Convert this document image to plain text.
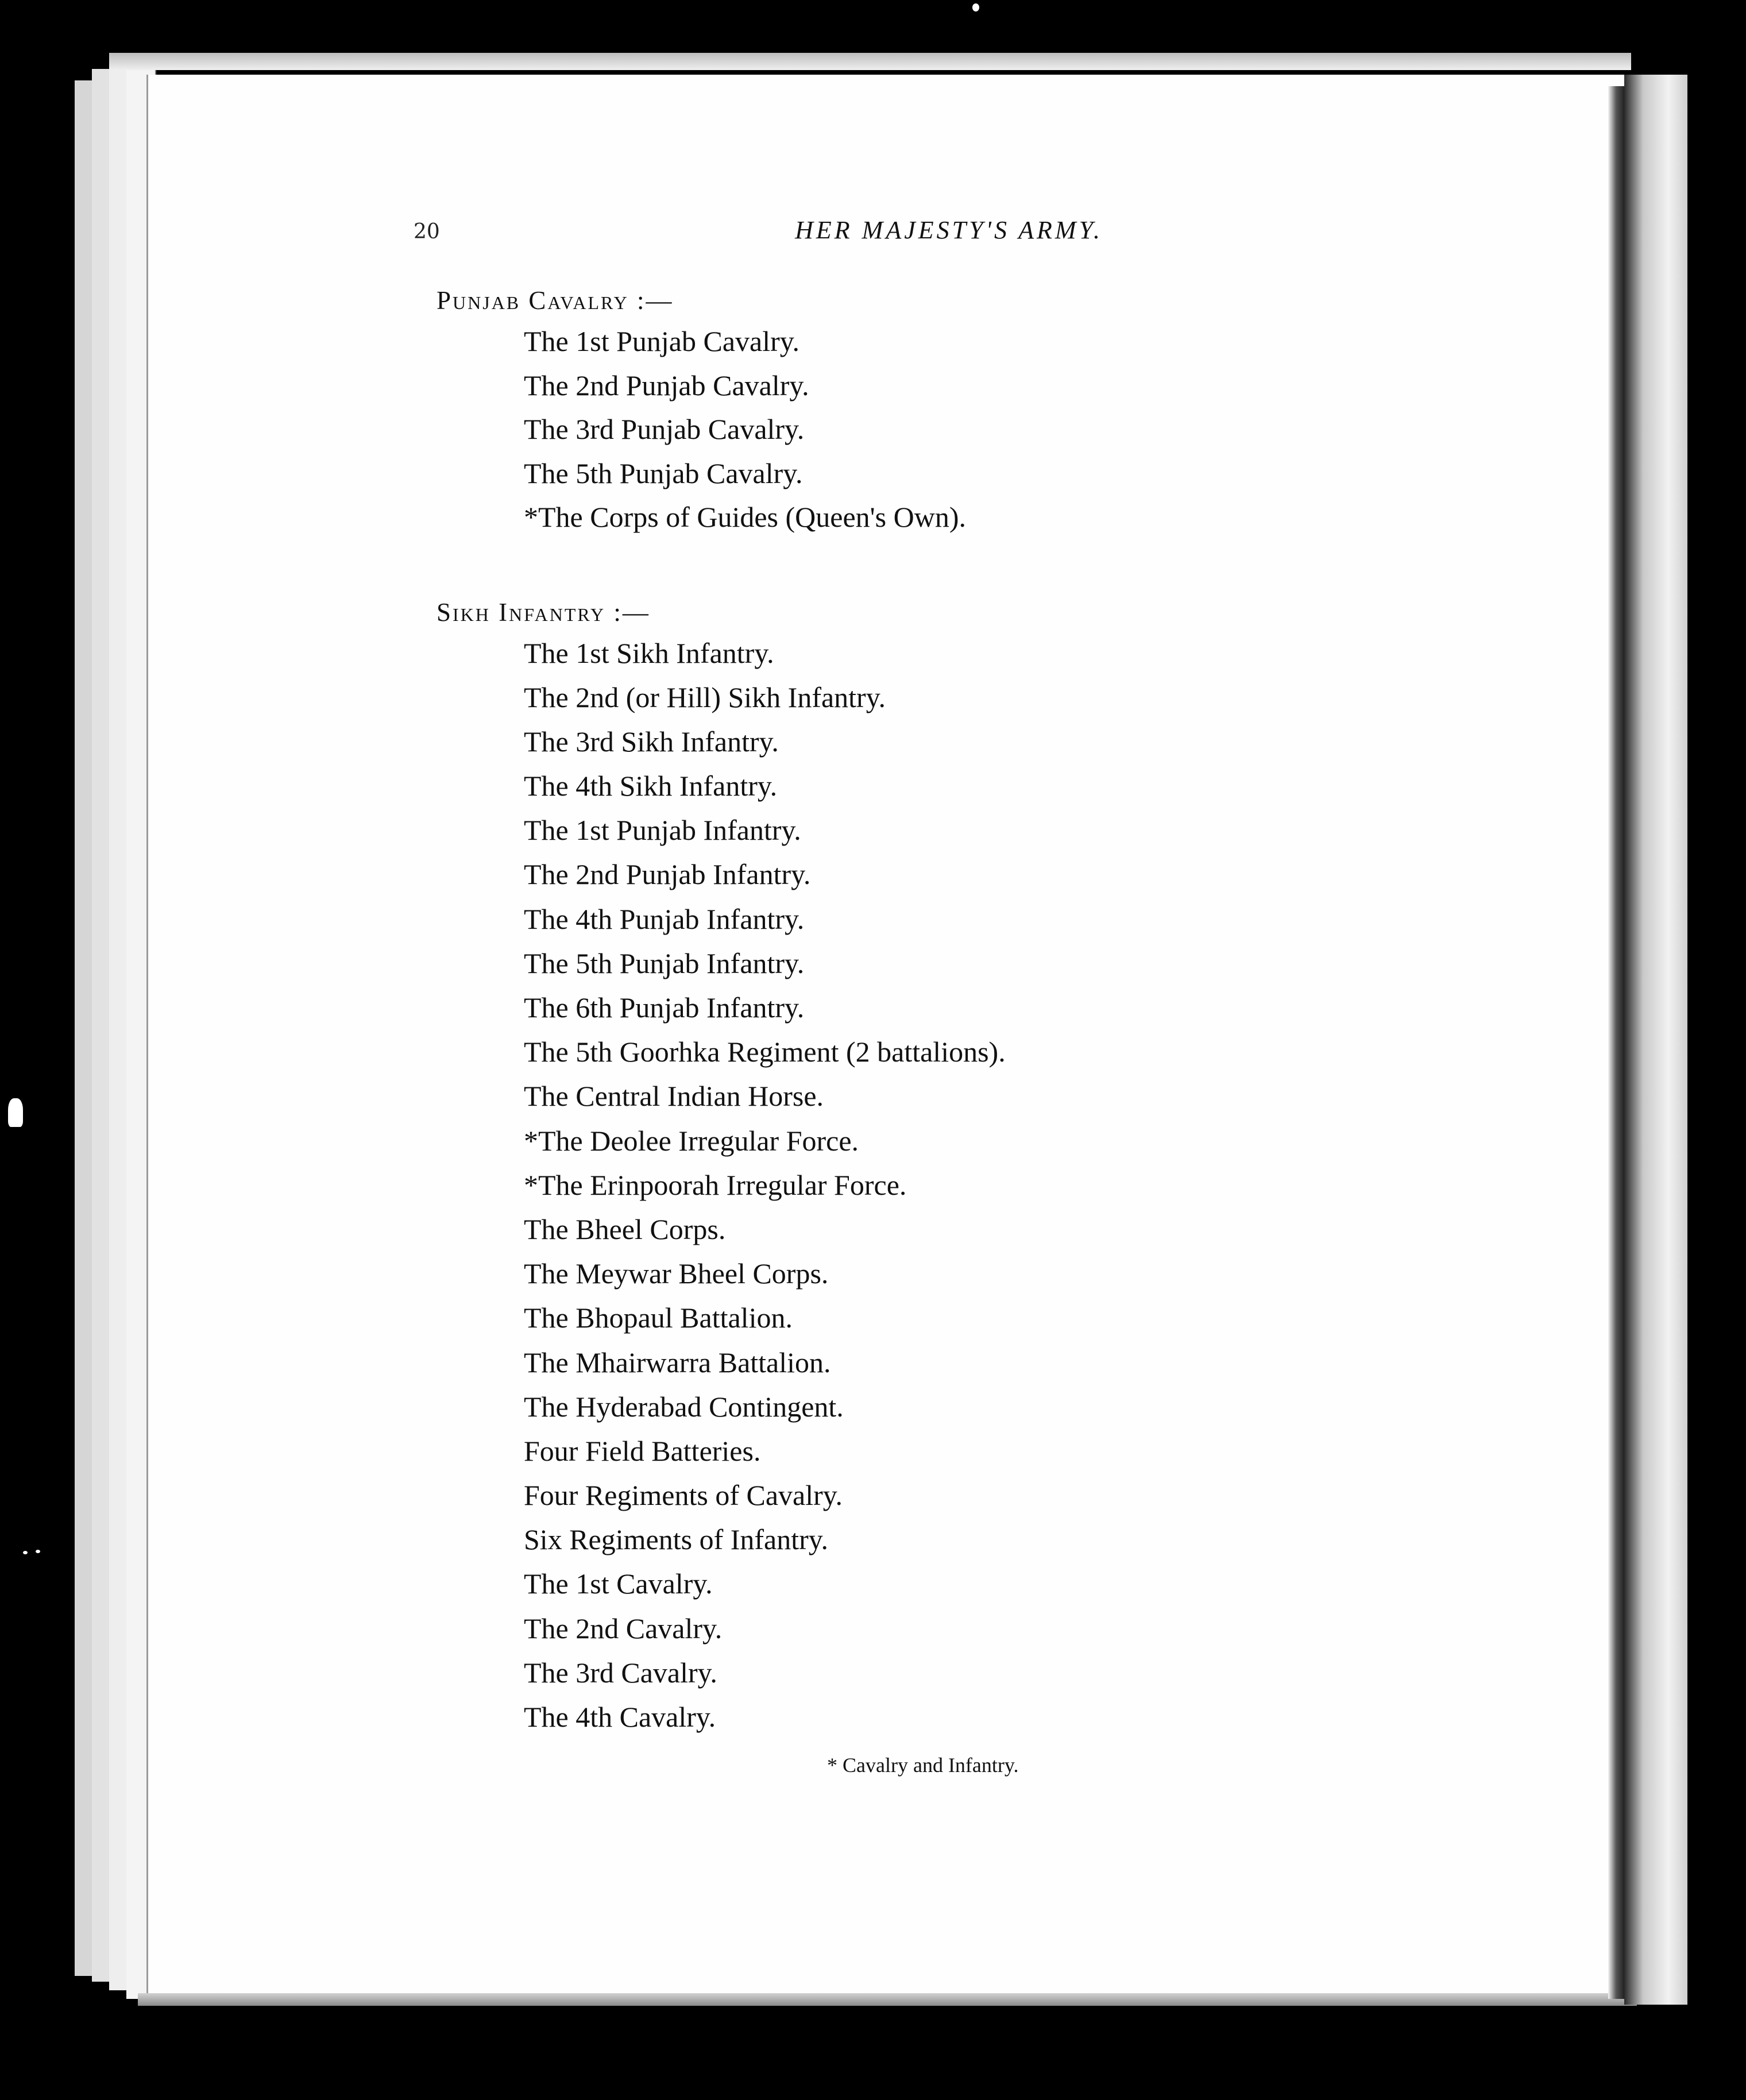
20	HER MAJESTY'S ARMY.
Punjab Cavalry :—
The 1st Punjab Cavalry.
The 2nd Punjab Cavalry.
The 3rd Punjab Cavalry.
The 5th Punjab Cavalry.
*The Corps of Guides (Queen's Own).
Sikh Infantry :—
The 1st Sikh Infantry.
The 2nd (or Hill) Sikh Infantry.
The 3rd Sikh Infantry.
The 4th Sikh Infantry.
The 1st Punjab Infantry.
The 2nd Punjab Infantry.
The 4th Punjab Infantry.
The 5th Punjab Infantry.
The 6th Punjab Infantry.
The 5th Goorhka Regiment (2 battalions).
The Central Indian Horse.
*The Deolee Irregular Force.
*The Erinpoorah Irregular Force.
The Bheel Corps.
The Meywar Bheel Corps.
The Bhopaul Battalion.
The Mhairwarra Battalion.
The Hyderabad Contingent.
Four Field Batteries.
Four Regiments of Cavalry.
Six Regiments of Infantry.
The 1st Cavalry.
The 2nd Cavalry.
The 3rd Cavalry.
The 4th Cavalry.
* Cavalry and Infantry.
